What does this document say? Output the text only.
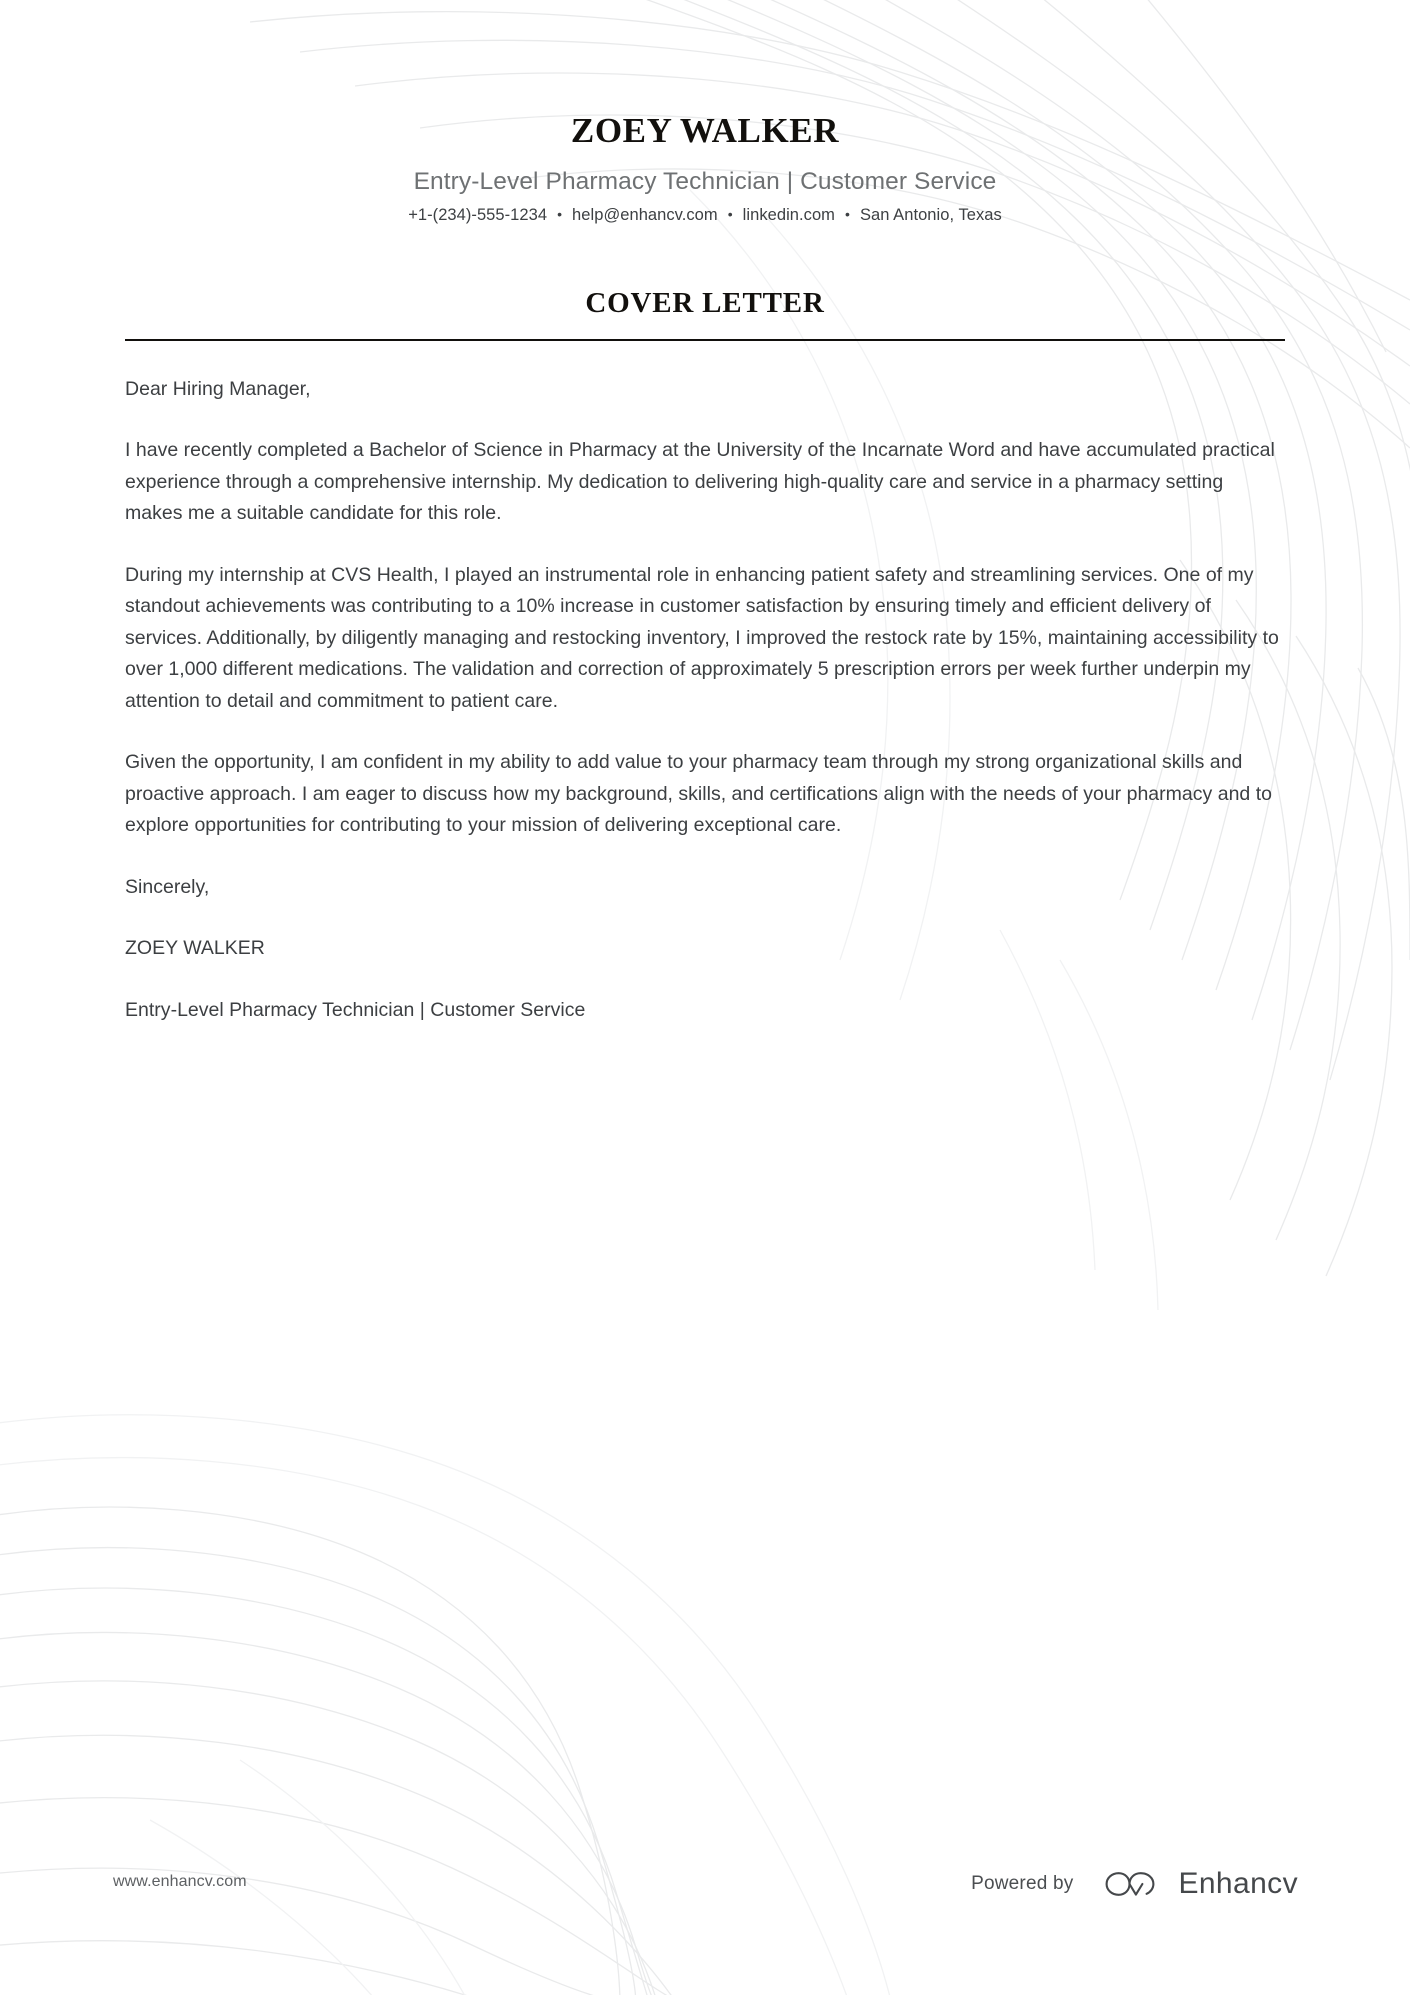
ZOEY WALKER
Entry-Level Pharmacy Technician | Customer Service
+1-(234)-555-1234 • help@enhancv.com • linkedin.com • San Antonio, Texas
COVER LETTER

Dear Hiring Manager,

I have recently completed a Bachelor of Science in Pharmacy at the University of the Incarnate Word and have accumulated practical experience through a comprehensive internship. My dedication to delivering high-quality care and service in a pharmacy setting makes me a suitable candidate for this role.

During my internship at CVS Health, I played an instrumental role in enhancing patient safety and streamlining services. One of my standout achievements was contributing to a 10% increase in customer satisfaction by ensuring timely and efficient delivery of services. Additionally, by diligently managing and restocking inventory, I improved the restock rate by 15%, maintaining accessibility to over 1,000 different medications. The validation and correction of approximately 5 prescription errors per week further underpin my attention to detail and commitment to patient care.

Given the opportunity, I am confident in my ability to add value to your pharmacy team through my strong organizational skills and proactive approach. I am eager to discuss how my background, skills, and certifications align with the needs of your pharmacy and to explore opportunities for contributing to your mission of delivering exceptional care.

Sincerely,

ZOEY WALKER

Entry-Level Pharmacy Technician | Customer Service

www.enhancv.com	Powered by	Enhancv
